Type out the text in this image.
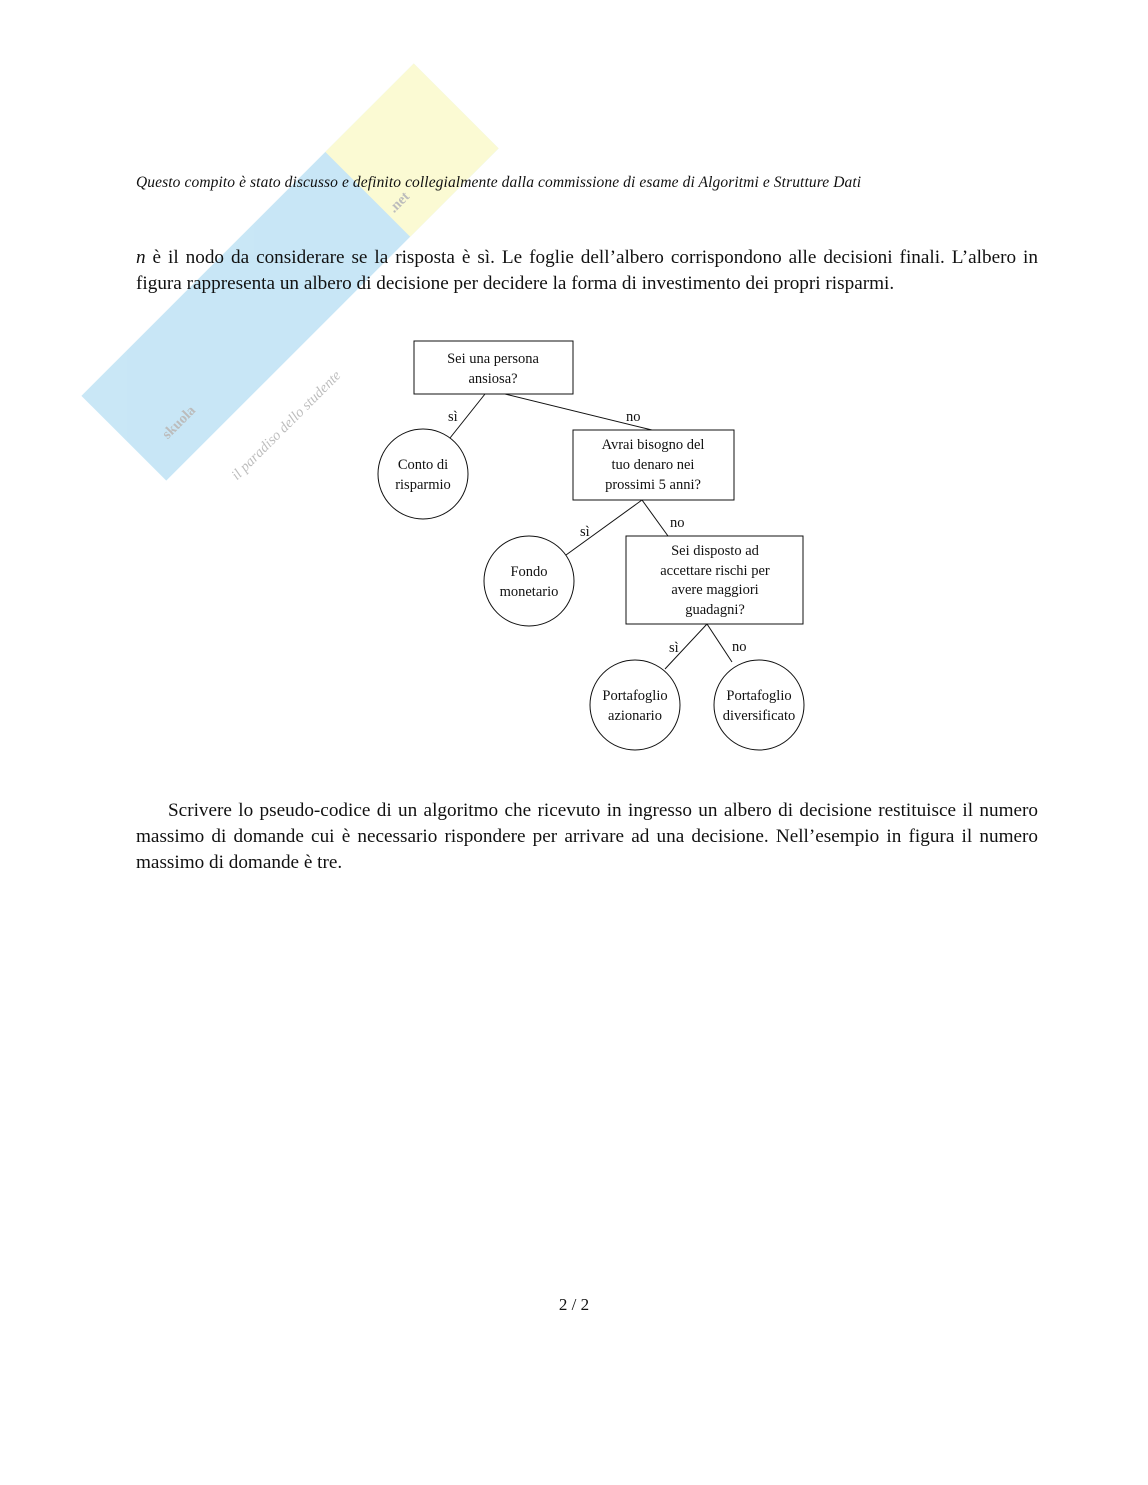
skuola
.net
il paradiso dello studente
Questo compito è stato discusso e definito collegialmente dalla commissione di esame di Algoritmi e Strutture Dati
n è il nodo da considerare se la risposta è sì. Le foglie dell’albero corrispondono alle decisioni finali. L’albero in figura rappresenta un albero di decisione per decidere la forma di investimento dei propri risparmi.
sì	no
sì
no
sì	no
Sei una persona
ansiosa?
Conto di
risparmio
Avrai bisogno del
tuo denaro nei
prossimi 5 anni?
Fondo
monetario
Sei disposto ad
accettare rischi per
avere maggiori
guadagni?
Portafoglio
azionario
Portafoglio
diversificato
Scrivere lo pseudo-codice di un algoritmo che ricevuto in ingresso un albero di decisione restituisce il numero massimo di domande cui è necessario rispondere per arrivare ad una decisione. Nell’esempio in figura il numero massimo di domande è tre.
2 / 2
